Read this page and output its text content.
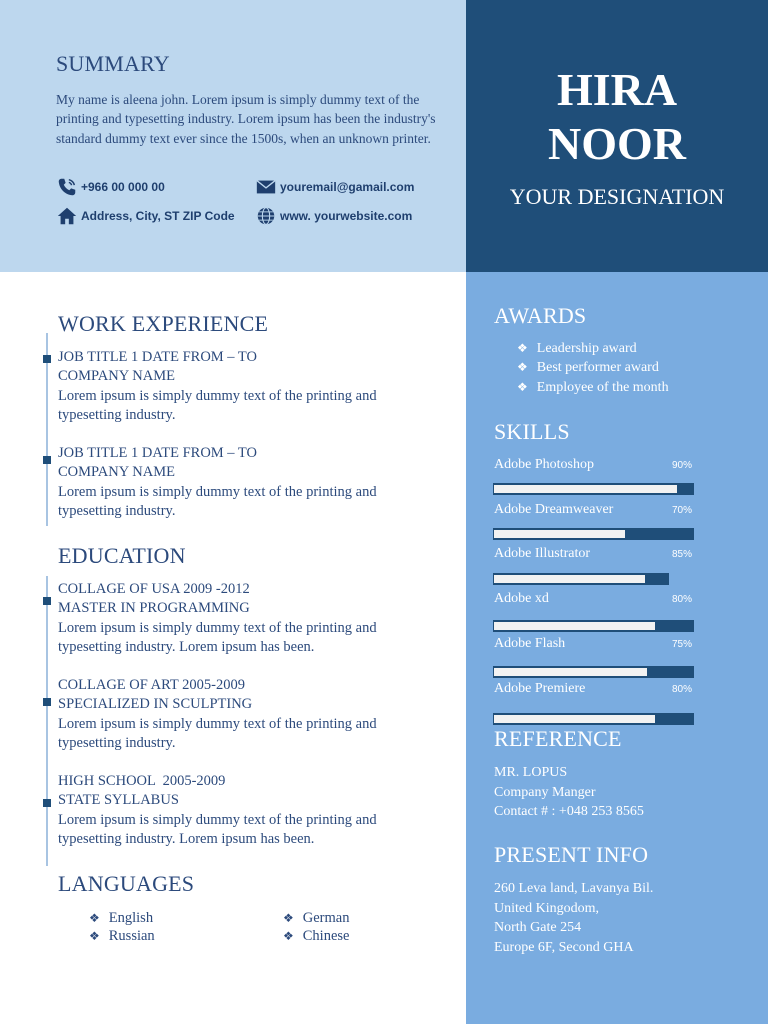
SUMMARY
My name is aleena john. Lorem ipsum is simply dummy text of the printing and typesetting industry. Lorem ipsum has been the industry's standard dummy text ever since the 1500s, when an unknown printer.
+966 00 000 00	youremail@gamail.com
Address, City, ST ZIP Code	www. yourwebsite.com
HIRA
NOOR
YOUR DESIGNATION
WORK EXPERIENCE
JOB TITLE 1 DATE FROM – TO
COMPANY NAME
Lorem ipsum is simply dummy text of the printing and typesetting industry.
JOB TITLE 1 DATE FROM – TO
COMPANY NAME
Lorem ipsum is simply dummy text of the printing and typesetting industry.
EDUCATION
COLLAGE OF USA 2009 -2012
MASTER IN PROGRAMMING
Lorem ipsum is simply dummy text of the printing and typesetting industry. Lorem ipsum has been.
COLLAGE OF ART 2005-2009
SPECIALIZED IN SCULPTING
Lorem ipsum is simply dummy text of the printing and typesetting industry.
HIGH SCHOOL  2005-2009
STATE SYLLABUS
Lorem ipsum is simply dummy text of the printing and typesetting industry. Lorem ipsum has been.
LANGUAGES
❖ English
❖ Russian
❖ German
❖ Chinese
AWARDS
❖ Leadership award
❖ Best performer award
❖ Employee of the month
SKILLS
Adobe Photoshop	90%
Adobe Dreamweaver	70%
Adobe Illustrator	85%
Adobe xd	80%
Adobe Flash	75%
Adobe Premiere	80%
REFERENCE
MR. LOPUS
Company Manger
Contact # : +048 253 8565
PRESENT INFO
260 Leva land, Lavanya Bil.
United Kingodom,
North Gate 254
Europe 6F, Second GHA
